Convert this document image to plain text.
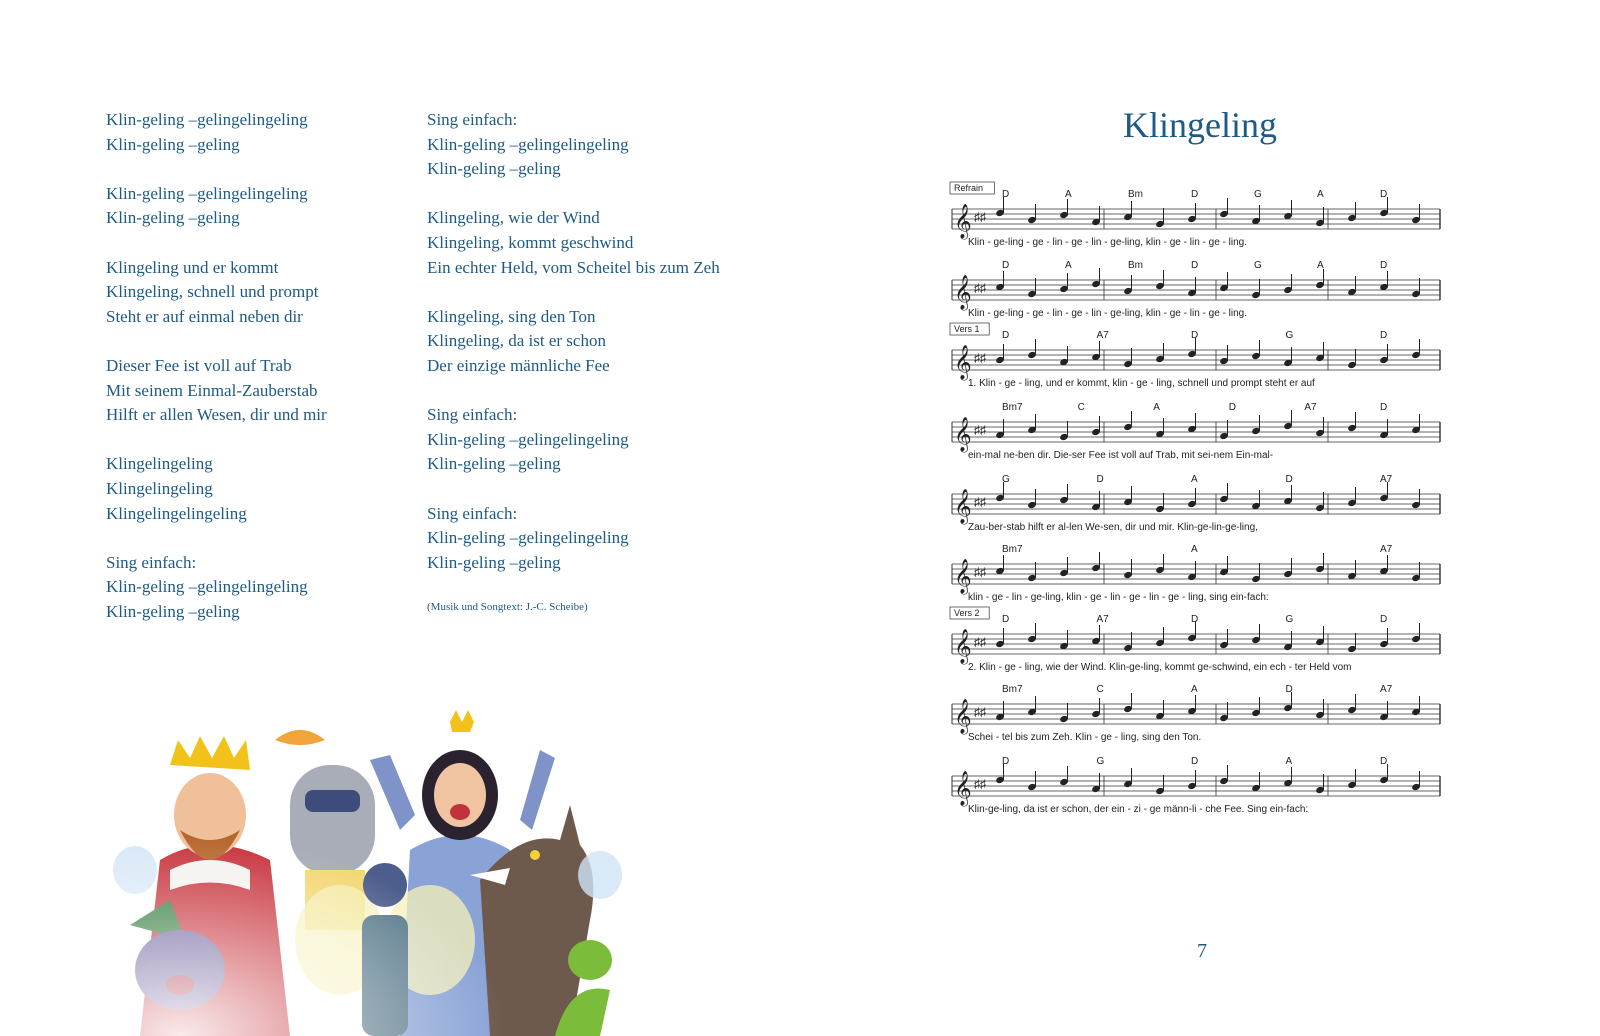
Klin-geling –gelingelingeling
Klin-geling –geling
Klin-geling –gelingelingeling
Klin-geling –geling
Klingeling und er kommt
Klingeling, schnell und prompt
Steht er auf einmal neben dir
Dieser Fee ist voll auf Trab
Mit seinem Einmal-Zauberstab
Hilft er allen Wesen, dir und mir
Klingelingeling
Klingelingeling
Klingelingelingeling
Sing einfach:
Klin-geling –gelingelingeling
Klin-geling –geling
Sing einfach:
Klin-geling –gelingelingeling
Klin-geling –geling
Klingeling, wie der Wind
Klingeling, kommt geschwind
Ein echter Held, vom Scheitel bis zum Zeh
Klingeling, sing den Ton
Klingeling, da ist er schon
Der einzige männliche Fee
Sing einfach:
Klin-geling –gelingelingeling
Klin-geling –geling
Sing einfach:
Klin-geling –gelingelingeling
Klin-geling –geling
(Musik und Songtext: J.-C. Scheibe)
Klingeling
𝄞 ♯♯
Refrain
D	A	Bm	D	G	A	D
Klin - ge-ling - ge - lin - ge - lin - ge-ling, klin - ge - lin - ge - ling.
𝄞 ♯♯
D	A	Bm	D	G	A	D
Klin - ge-ling - ge - lin - ge - lin - ge-ling, klin - ge - lin - ge - ling.
𝄞 ♯♯
Vers 1
D	A7	D	G	D
1. Klin - ge - ling, und er kommt, klin - ge - ling, schnell und prompt steht er auf
𝄞 ♯♯
Bm7	C	A	D	A7	D
ein-mal ne-ben dir. Die-ser Fee ist voll auf Trab, mit sei-nem Ein-mal-
𝄞 ♯♯
G	D	A	D	A7
Zau-ber-stab hilft er al-len We-sen, dir und mir. Klin-ge-lin-ge-ling,
𝄞 ♯♯
Bm7	A	A7
klin - ge - lin - ge-ling, klin - ge - lin - ge - lin - ge - ling, sing ein-fach:
𝄞 ♯♯
Vers 2
D	A7	D	G	D
2. Klin - ge - ling, wie der Wind. Klin-ge-ling, kommt ge-schwind, ein ech - ter Held vom
𝄞 ♯♯
Bm7	C	A	D	A7
Schei - tel bis zum Zeh. Klin - ge - ling, sing den Ton.
𝄞 ♯♯
D	G	D	A	D
Klin-ge-ling, da ist er schon, der ein - zi - ge männ-li - che Fee. Sing ein-fach:
7
